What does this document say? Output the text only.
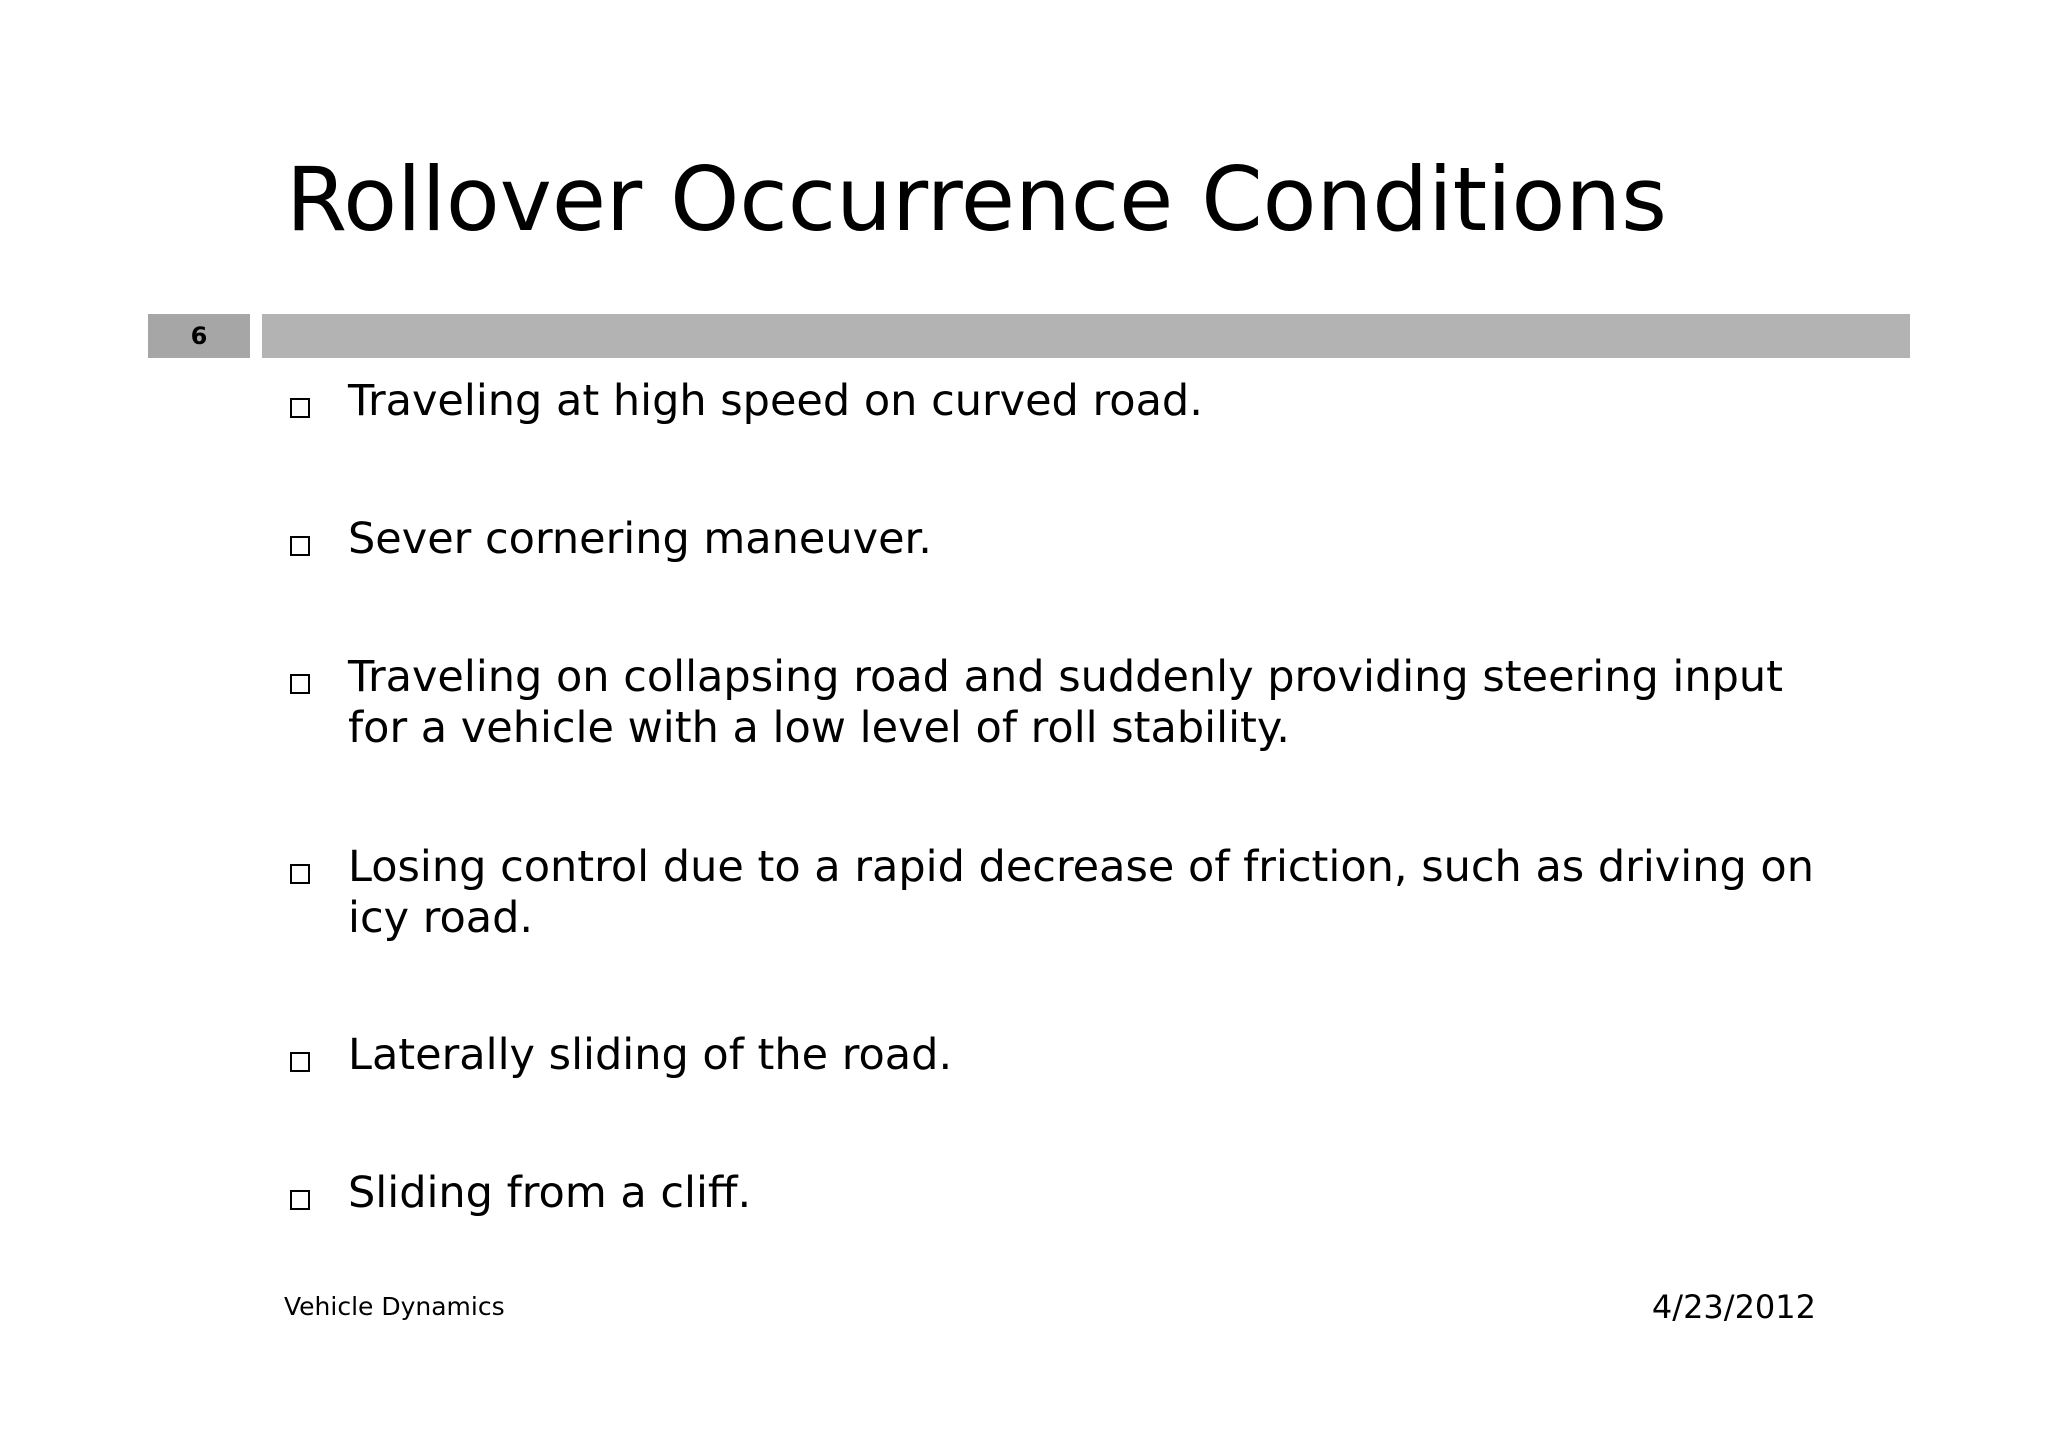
Rollover Occurrence Conditions
6
Traveling at high speed on curved road.
Sever cornering maneuver.
Traveling on collapsing road and suddenly providing steering input for a vehicle with a low level of roll stability.
Losing control due to a rapid decrease of friction, such as driving on icy road.
Laterally sliding of the road.
Sliding from a cliff.
Vehicle Dynamics	4/23/2012
